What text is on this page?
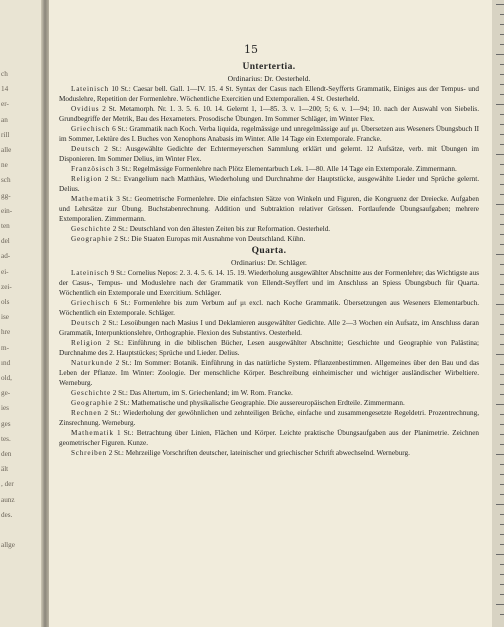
ch
14
er-
an
rill
alle
ne
sch
gg-
ein-
ten
del
ad-
ei-
zei-
ols
ise
hre
m-
ınd
old,
ge-
ies
ges
tes.
den
ält
, der
aunz
des.
allge
15
Untertertia.
Ordinarius: Dr. Oesterheld.

Lateinisch 10 St.: Caesar bell. Gall. 1—IV. 15. 4 St. Syntax der Casus nach Ellendt-Seyfferts Grammatik, Einiges aus der Tempus- und Moduslehre, Repetition der Formenlehre. Wöchentliche Exercitien und Extemporalien. 4 St. Oesterheld.

Ovidius 2 St. Metamorph. Nr. 1. 3. 5. 6. 10. 14. Gelernt 1, 1—85. 3. v. 1—200; 5; 6. v. 1—94; 10. nach der Auswahl von Siebelis. Grundbegriffe der Metrik, Bau des Hexameters. Prosodische Übungen. Im Sommer Schläger, im Winter Flex.

Griechisch 6 St.: Grammatik nach Koch. Verba liquida, regelmässige und unregelmässige auf μι. Übersetzen aus Weseners Übungsbuch II im Sommer, Lektüre des I. Buches von Xenophons Anabasis im Winter. Alle 14 Tage ein Extemporale. Francke.

Deutsch 2 St.: Ausgewählte Gedichte der Echtermeyerschen Sammlung erklärt und gelernt. 12 Aufsätze, verb. mit Übungen im Disponieren. Im Sommer Delius, im Winter Flex.

Französisch 3 St.: Regelmässige Formenlehre nach Plötz Elementarbuch Lek. 1—80. Alle 14 Tage ein Extemporale. Zimmermann.

Religion 2 St.: Evangelium nach Matthäus, Wiederholung und Durchnahme der Hauptstücke, ausgewählte Lieder und Sprüche gelernt. Delius.

Mathematik 3 St.: Geometrische Formenlehre. Die einfachsten Sätze von Winkeln und Figuren, die Kongruenz der Dreiecke. Aufgaben und Lehrsätze zur Übung. Buchstabenrechnung. Addition und Subtraktion relativer Grössen. Fortlaufende Übungsaufgaben; mehrere Extemporalien. Zimmermann.

Geschichte 2 St.: Deutschland von den ältesten Zeiten bis zur Reformation. Oesterheld.

Geographie 2 St.: Die Staaten Europas mit Ausnahme von Deutschland. Kühn.

Quarta.
Ordinarius: Dr. Schläger.

Lateinisch 9 St.: Cornelius Nepos: 2. 3. 4. 5. 6. 14. 15. 19. Wiederholung ausgewählter Abschnitte aus der Formenlehre; das Wichtigste aus der Casus-, Tempus- und Moduslehre nach der Grammatik von Ellendt-Seyffert und im Anschluss an Spiess Übungsbuch für Quarta. Wöchentlich ein Extemporale und Exercitium. Schläger.

Griechisch 6 St.: Formenlehre bis zum Verbum auf μι excl. nach Koche Grammatik. Übersetzungen aus Weseners Elementarbuch. Wöchentlich ein Extemporale. Schläger.

Deutsch 2 St.: Lesoübungen nach Masius I und Deklamieren ausgewählter Gedichte. Alle 2—3 Wochen ein Aufsatz, im Anschluss daran Grammatik, Interpunktionslehre, Orthographie. Flexion des Substantivs. Oesterheld.

Religion 2 St.: Einführung in die biblischen Bücher, Lesen ausgewählter Abschnitte; Geschichte und Geographie von Palästina; Durchnahme des 2. Hauptstückes; Sprüche und Lieder. Delius.

Naturkunde 2 St.: Im Sommer: Botanik. Einführung in das natürliche System. Pflanzenbestimmen. Allgemeines über den Bau und das Leben der Pflanze. Im Winter: Zoologie. Der menschliche Körper. Beschreibung einheimischer und wichtiger ausländischer Wirbeltiere. Werneburg.

Geschichte 2 St.: Das Altertum, im S. Griechenland; im W. Rom. Francke.

Geographie 2 St.: Mathematische und physikalische Geographie. Die aussereuropäischen Erdteile. Zimmermann.

Rechnen 2 St.: Wiederholung der gewöhnlichen und zehnteiligen Brüche, einfache und zusammengesetzte Regeldetri. Prozentrechnung, Zinsrechnung. Werneburg.

Mathematik 1 St.: Betrachtung über Linien, Flächen und Körper. Leichte praktische Übungsaufgaben aus der Planimetrie. Zeichnen geometrischer Figuren. Kunze.

Schreiben 2 St.: Mehrzeilige Vorschriften deutscher, lateinischer und griechischer Schrift abwechselnd. Werneburg.
